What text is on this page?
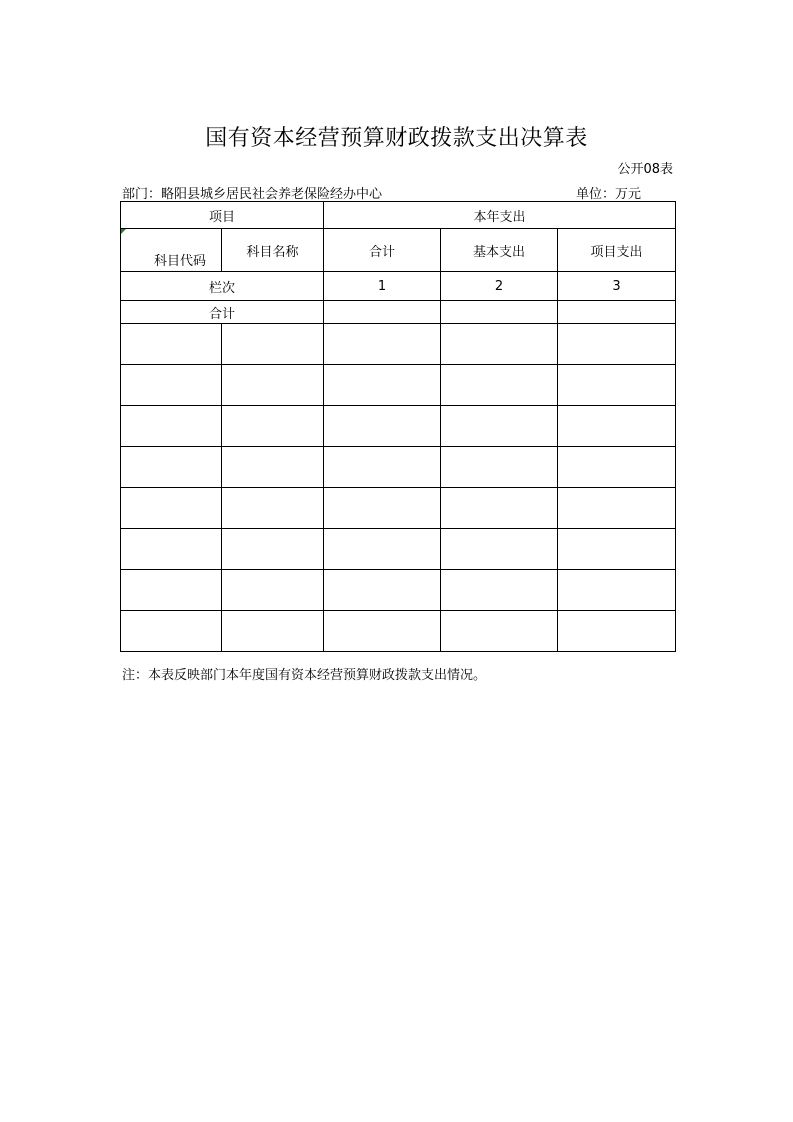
国有资本经营预算财政拨款支出决算表
公开08表
部门：略阳县城乡居民社会养老保险经办中心	单位：万元
项目		本年支出		

科目代码	科目名称	合计	基本支出	项目支出
栏次		1	2	3
合计				

注：本表反映部门本年度国有资本经营预算财政拨款支出情况。
